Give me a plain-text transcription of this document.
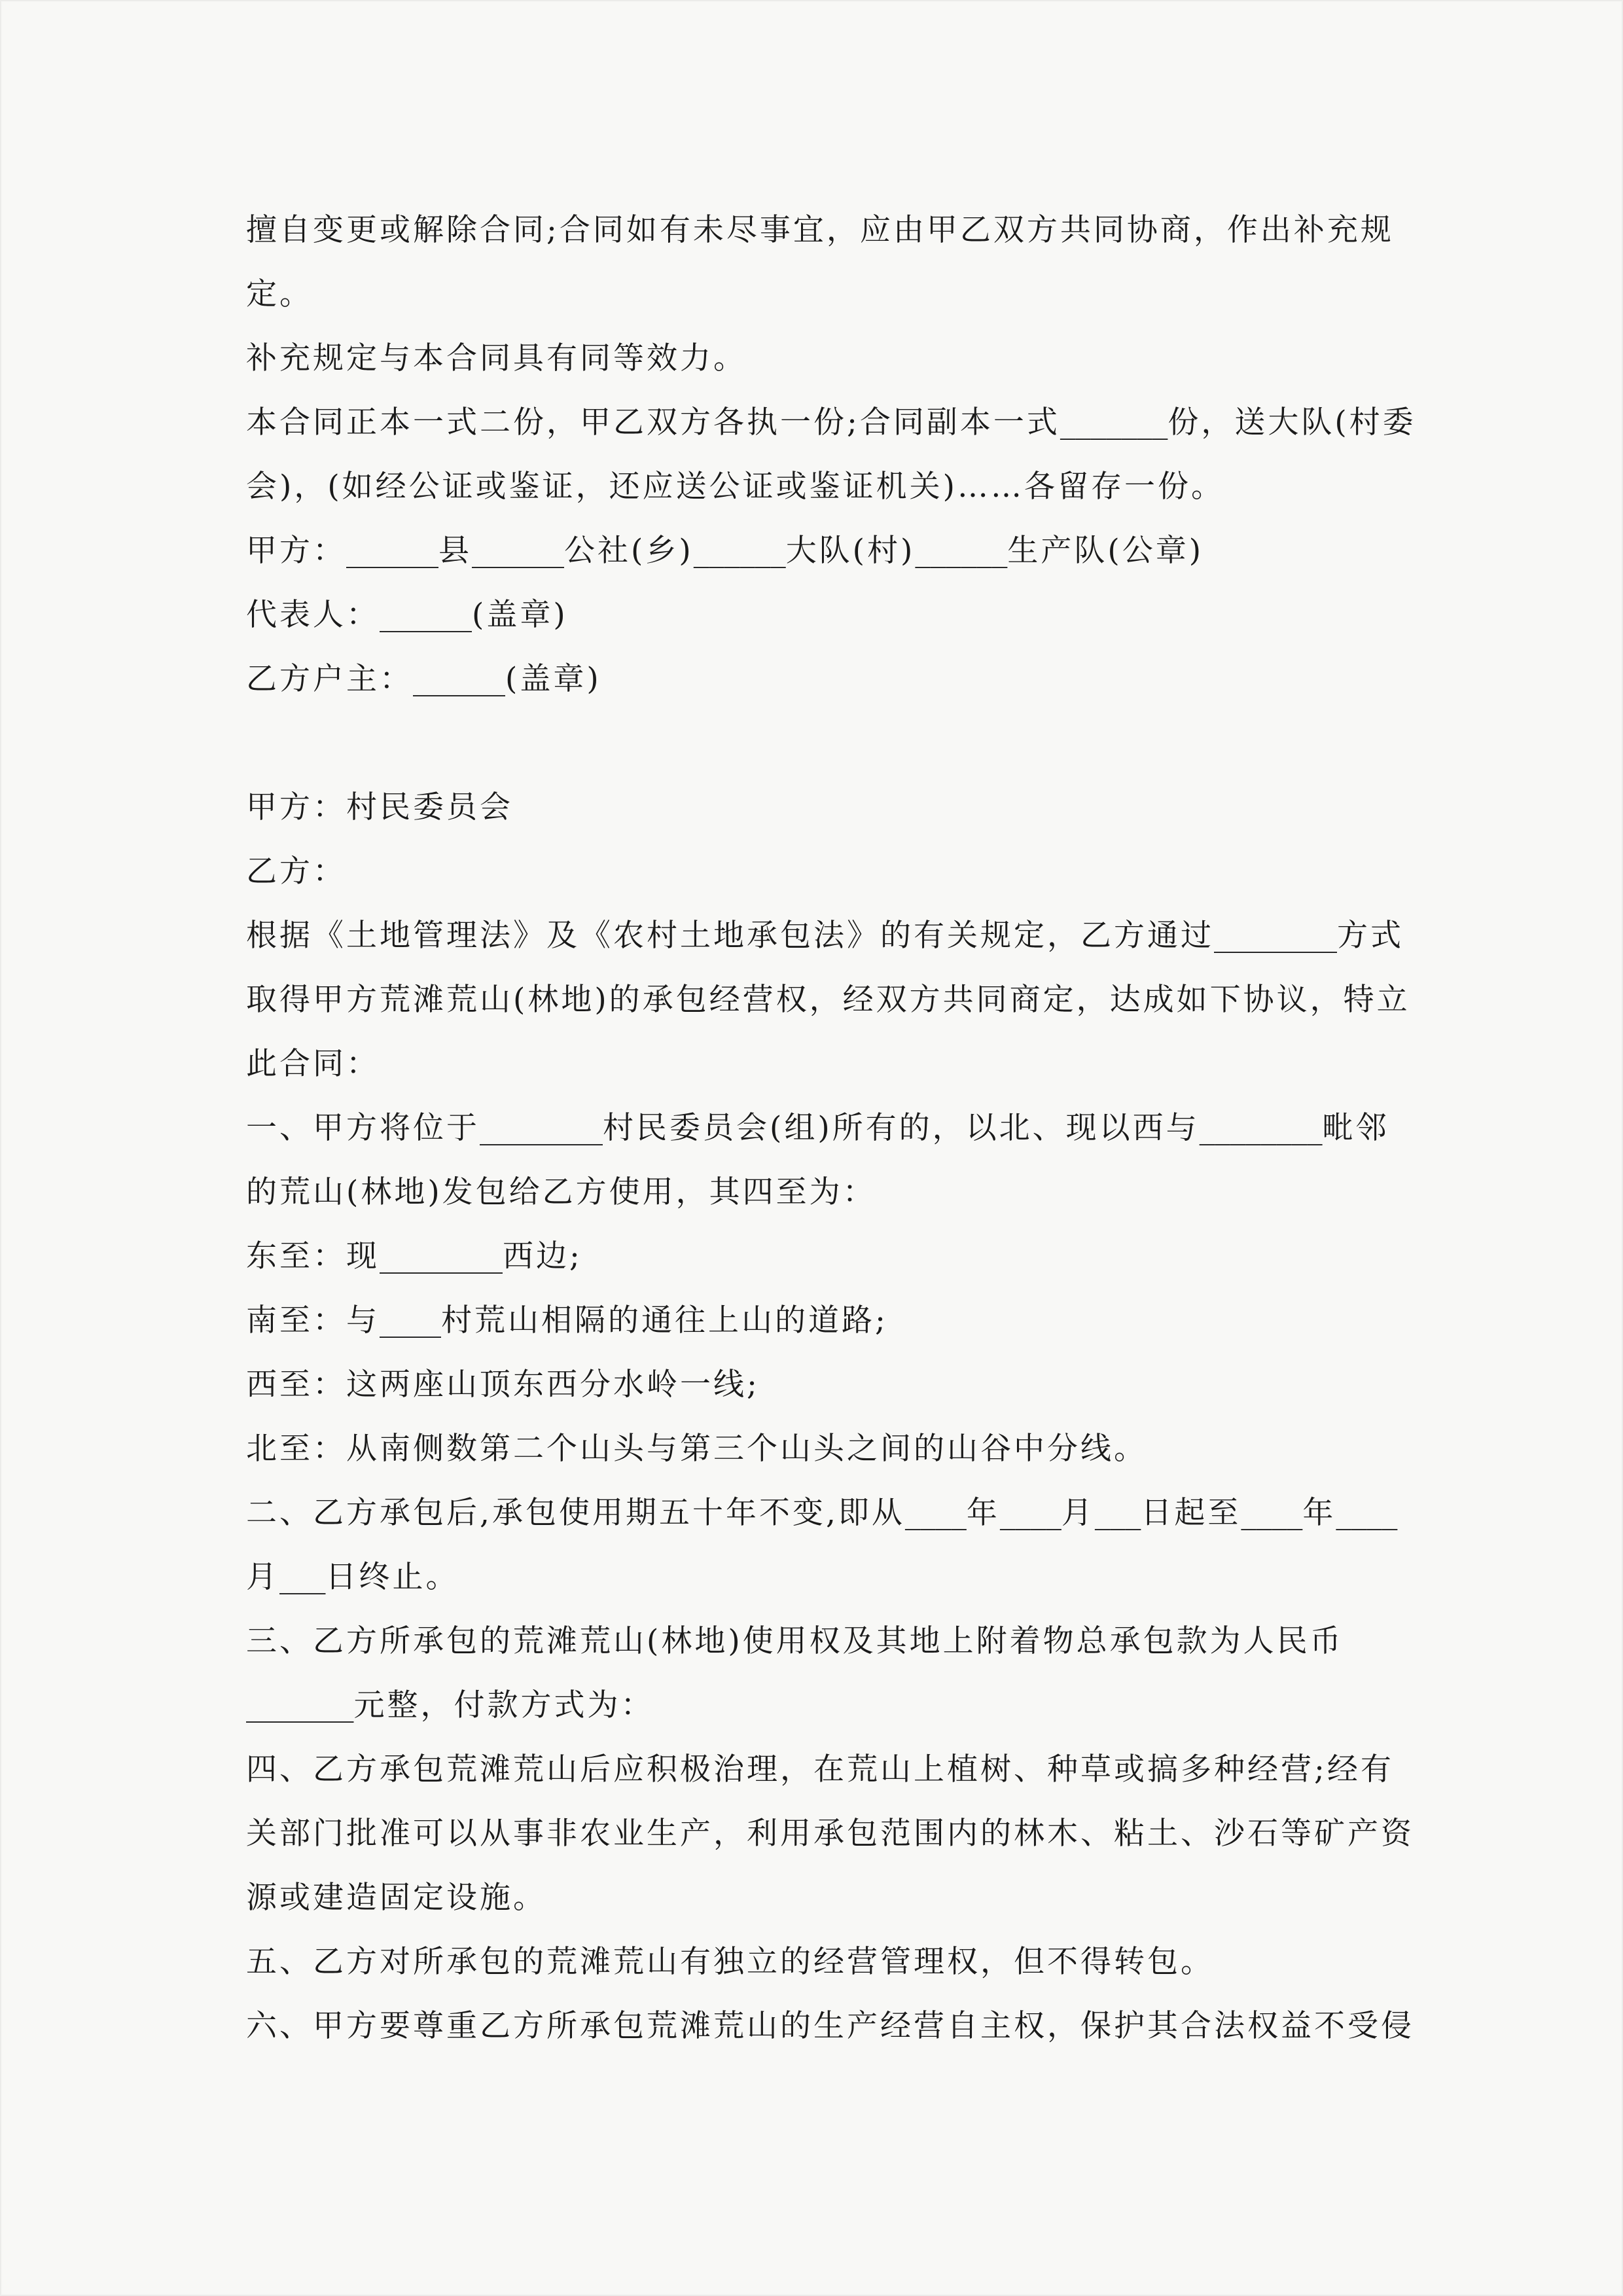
擅自变更或解除合同;合同如有未尽事宜，应由甲乙双方共同协商，作出补充规
定。
补充规定与本合同具有同等效力。
本合同正本一式二份，甲乙双方各执一份;合同副本一式_______份，送大队(村委
会)，(如经公证或鉴证，还应送公证或鉴证机关)……各留存一份。
甲方：______县______公社(乡)______大队(村)______生产队(公章)
代表人：______(盖章)
乙方户主：______(盖章)
甲方：村民委员会
乙方：
根据《土地管理法》及《农村土地承包法》的有关规定，乙方通过________方式
取得甲方荒滩荒山(林地)的承包经营权，经双方共同商定，达成如下协议，特立
此合同：
一、甲方将位于________村民委员会(组)所有的，以北、现以西与________毗邻
的荒山(林地)发包给乙方使用，其四至为：
东至：现________西边;
南至：与____村荒山相隔的通往上山的道路;
西至：这两座山顶东西分水岭一线;
北至：从南侧数第二个山头与第三个山头之间的山谷中分线。
二、乙方承包后,承包使用期五十年不变,即从____年____月___日起至____年____
月___日终止。
三、乙方所承包的荒滩荒山(林地)使用权及其地上附着物总承包款为人民币
_______元整，付款方式为：
四、乙方承包荒滩荒山后应积极治理，在荒山上植树、种草或搞多种经营;经有
关部门批准可以从事非农业生产，利用承包范围内的林木、粘土、沙石等矿产资
源或建造固定设施。
五、乙方对所承包的荒滩荒山有独立的经营管理权，但不得转包。
六、甲方要尊重乙方所承包荒滩荒山的生产经营自主权，保护其合法权益不受侵
